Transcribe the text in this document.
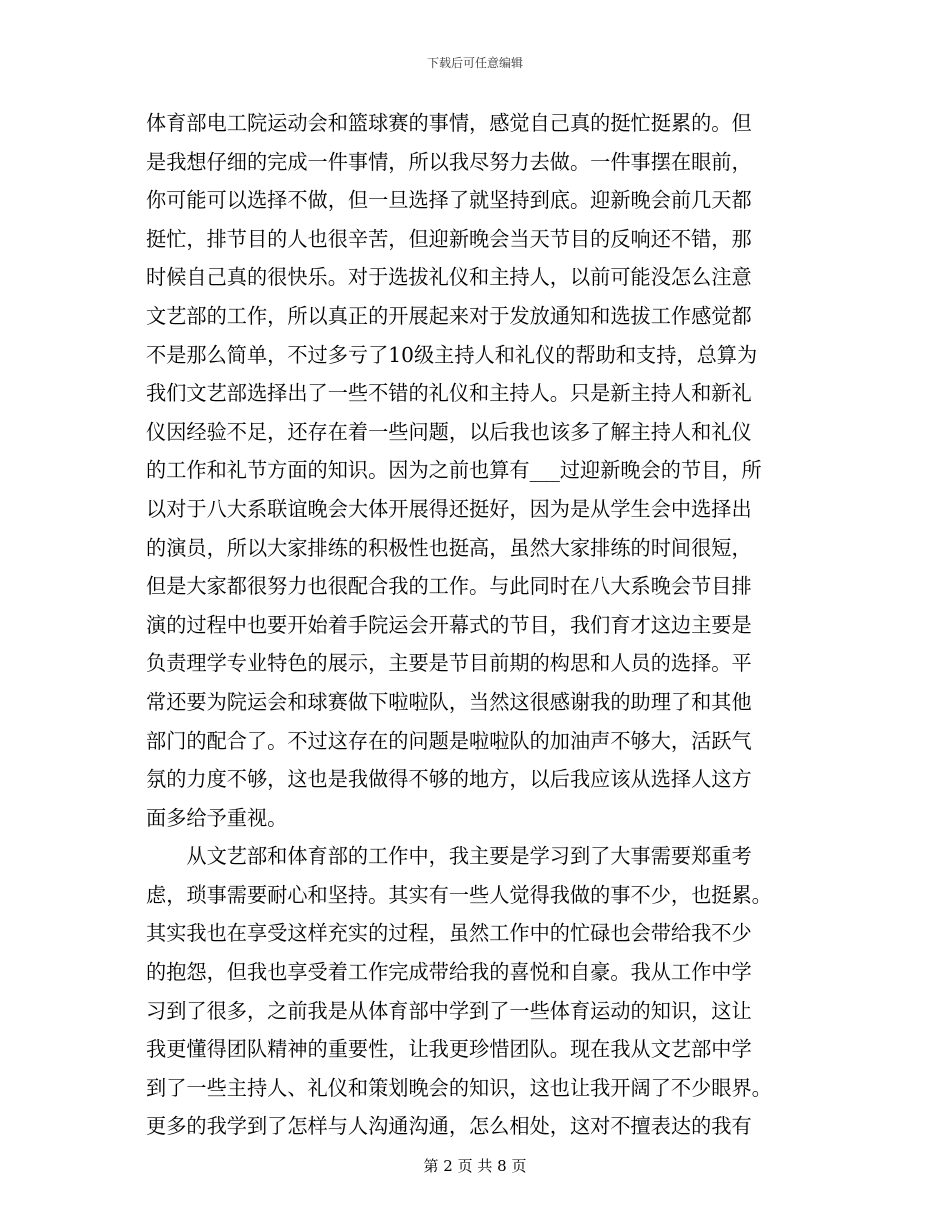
下载后可任意编辑
体育部电工院运动会和篮球赛的事情，感觉自己真的挺忙挺累的。但
是我想仔细的完成一件事情，所以我尽努力去做。一件事摆在眼前，
你可能可以选择不做，但一旦选择了就坚持到底。迎新晚会前几天都
挺忙，排节目的人也很辛苦，但迎新晚会当天节目的反响还不错，那
时候自己真的很快乐。对于选拔礼仪和主持人，以前可能没怎么注意
文艺部的工作，所以真正的开展起来对于发放通知和选拔工作感觉都
不是那么简单，不过多亏了10级主持人和礼仪的帮助和支持，总算为
我们文艺部选择出了一些不错的礼仪和主持人。只是新主持人和新礼
仪因经验不足，还存在着一些问题，以后我也该多了解主持人和礼仪
的工作和礼节方面的知识。因为之前也算有___过迎新晚会的节目，所
以对于八大系联谊晚会大体开展得还挺好，因为是从学生会中选择出
的演员，所以大家排练的积极性也挺高，虽然大家排练的时间很短，
但是大家都很努力也很配合我的工作。与此同时在八大系晚会节目排
演的过程中也要开始着手院运会开幕式的节目，我们育才这边主要是
负责理学专业特色的展示，主要是节目前期的构思和人员的选择。平
常还要为院运会和球赛做下啦啦队，当然这很感谢我的助理了和其他
部门的配合了。不过这存在的问题是啦啦队的加油声不够大，活跃气
氛的力度不够，这也是我做得不够的地方，以后我应该从选择人这方
面多给予重视。
　　从文艺部和体育部的工作中，我主要是学习到了大事需要郑重考
虑，琐事需要耐心和坚持。其实有一些人觉得我做的事不少，也挺累。
其实我也在享受这样充实的过程，虽然工作中的忙碌也会带给我不少
的抱怨，但我也享受着工作完成带给我的喜悦和自豪。我从工作中学
习到了很多，之前我是从体育部中学到了一些体育运动的知识，这让
我更懂得团队精神的重要性，让我更珍惜团队。现在我从文艺部中学
到了一些主持人、礼仪和策划晚会的知识，这也让我开阔了不少眼界。
更多的我学到了怎样与人沟通沟通，怎么相处，这对不擅表达的我有
第 2 页 共 8 页
